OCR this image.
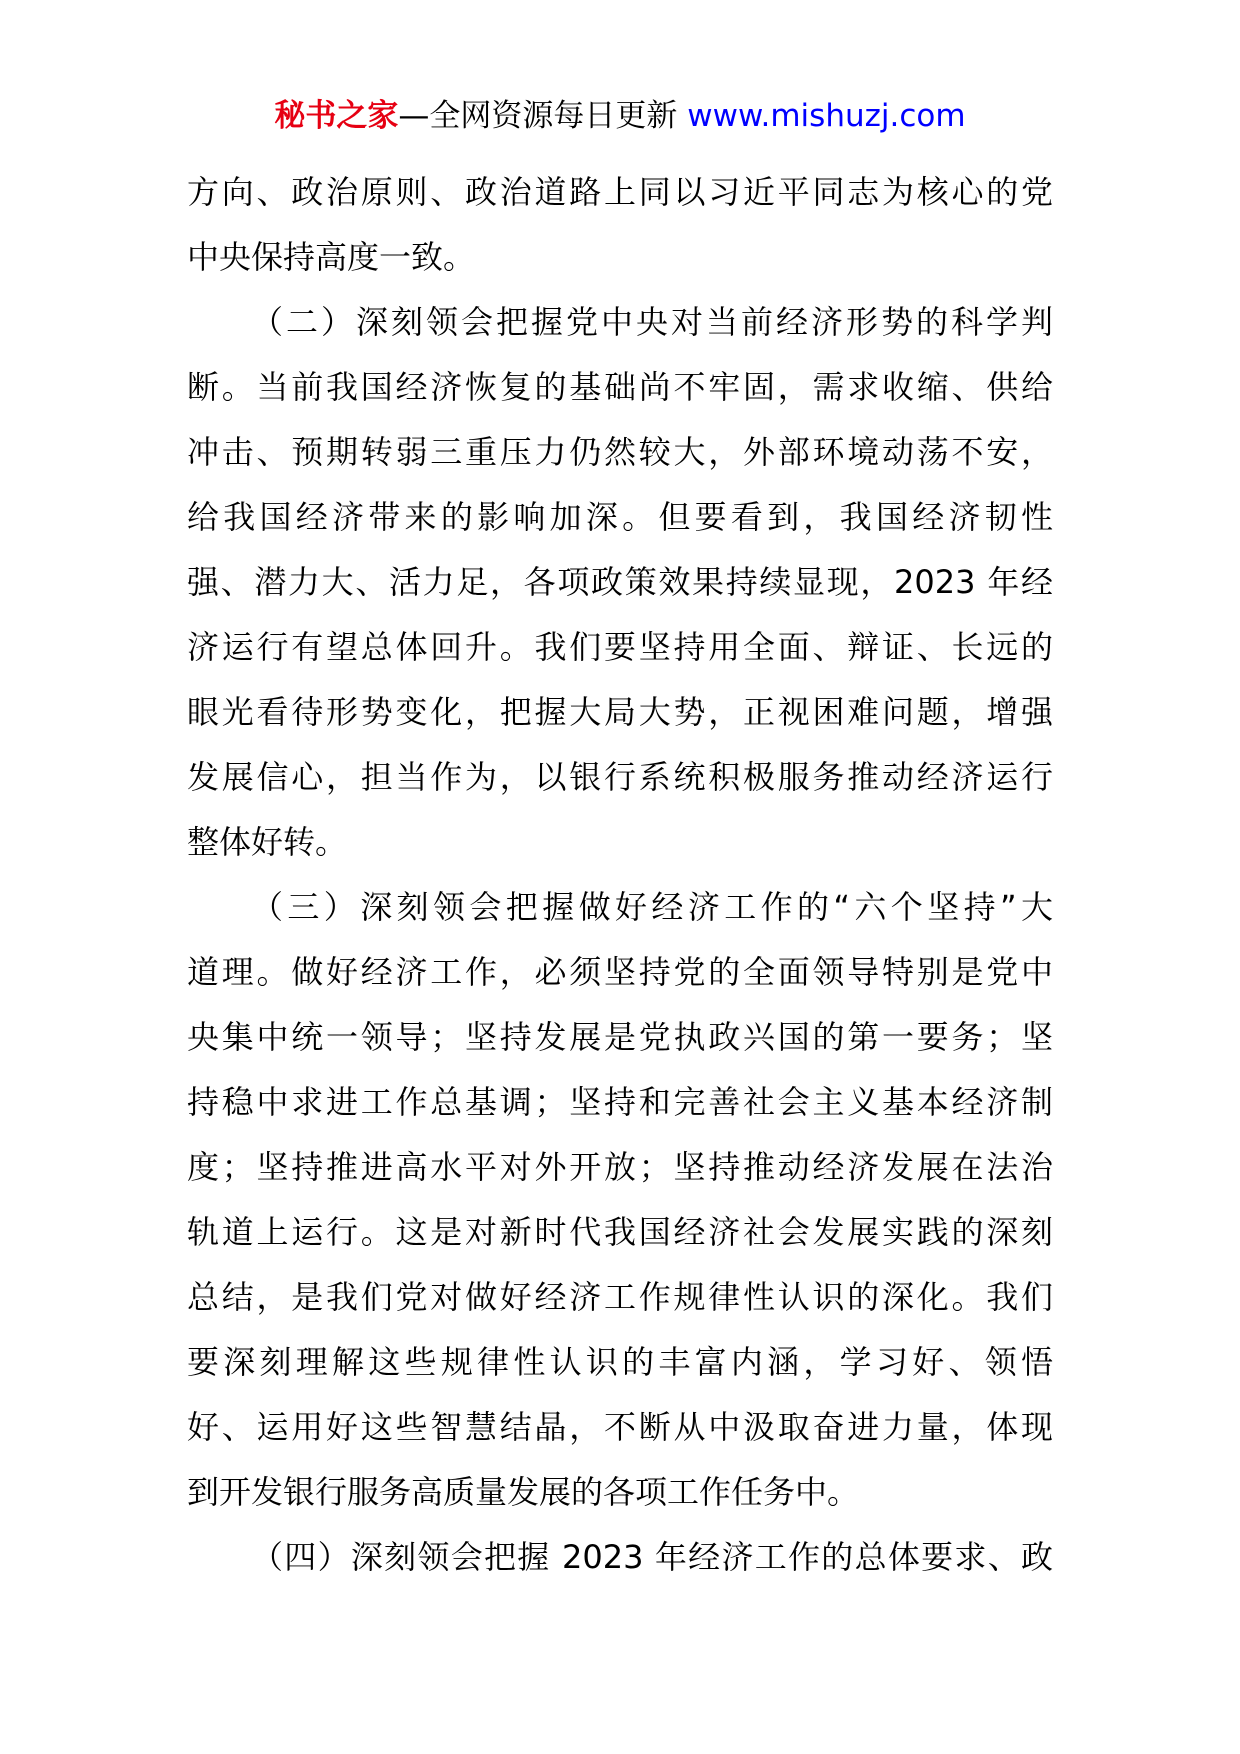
秘书之家—全网资源每日更新 www.mishuzj.com
方向、政治原则、政治道路上同以习近平同志为核心的党
中央保持高度一致。
（二）深刻领会把握党中央对当前经济形势的科学判
断。当前我国经济恢复的基础尚不牢固，需求收缩、供给
冲击、预期转弱三重压力仍然较大，外部环境动荡不安，
给我国经济带来的影响加深。但要看到，我国经济韧性
强、潜力大、活力足，各项政策效果持续显现，2023 年经
济运行有望总体回升。我们要坚持用全面、辩证、长远的
眼光看待形势变化，把握大局大势，正视困难问题，增强
发展信心，担当作为，以银行系统积极服务推动经济运行
整体好转。
（三）深刻领会把握做好经济工作的“六个坚持”大
道理。做好经济工作，必须坚持党的全面领导特别是党中
央集中统一领导；坚持发展是党执政兴国的第一要务；坚
持稳中求进工作总基调；坚持和完善社会主义基本经济制
度；坚持推进高水平对外开放；坚持推动经济发展在法治
轨道上运行。这是对新时代我国经济社会发展实践的深刻
总结，是我们党对做好经济工作规律性认识的深化。我们
要深刻理解这些规律性认识的丰富内涵，学习好、领悟
好、运用好这些智慧结晶，不断从中汲取奋进力量，体现
到开发银行服务高质量发展的各项工作任务中。
（四）深刻领会把握 2023 年经济工作的总体要求、政
